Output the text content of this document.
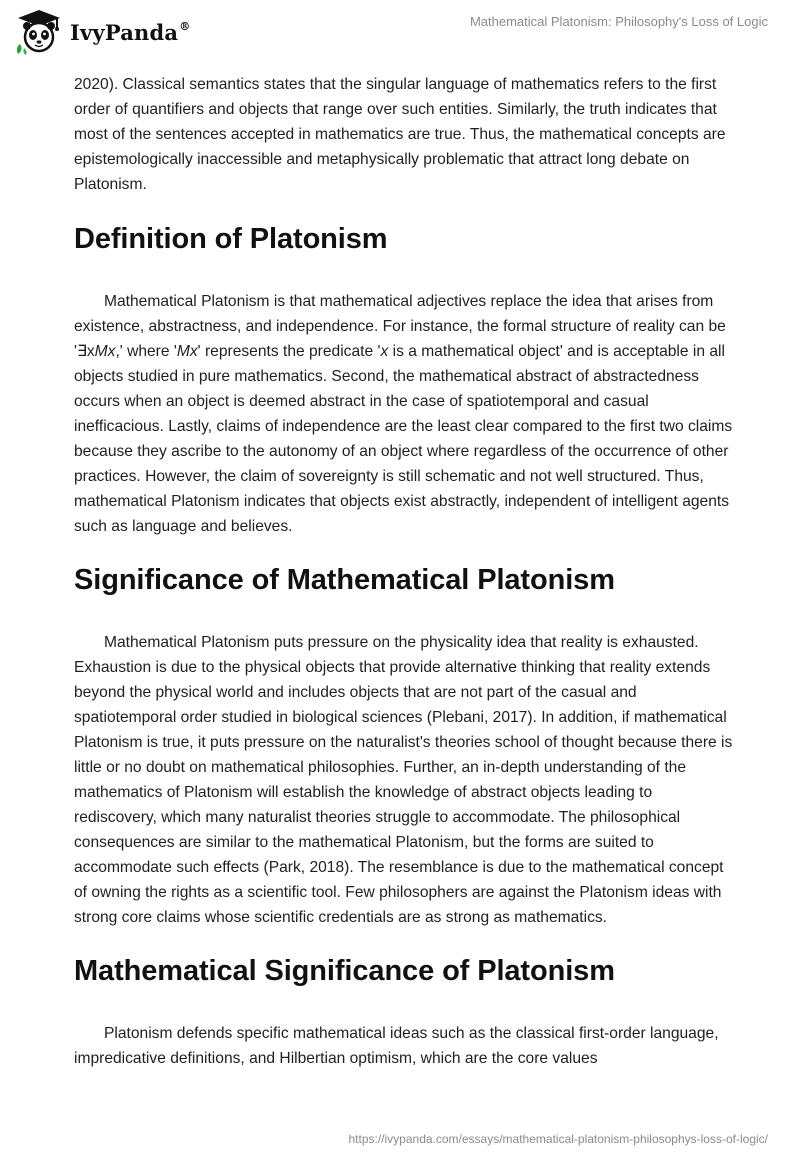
IvyPanda®	Mathematical Platonism: Philosophy's Loss of Logic

2020). Classical semantics states that the singular language of mathematics refers to the first order of quantifiers and objects that range over such entities. Similarly, the truth indicates that most of the sentences accepted in mathematics are true. Thus, the mathematical concepts are epistemologically inaccessible and metaphysically problematic that attract long debate on Platonism.

Definition of Platonism

Mathematical Platonism is that mathematical adjectives replace the idea that arises from existence, abstractness, and independence. For instance, the formal structure of reality can be '∃xMx,' where 'Mx' represents the predicate 'x is a mathematical object' and is acceptable in all objects studied in pure mathematics. Second, the mathematical abstract of abstractedness occurs when an object is deemed abstract in the case of spatiotemporal and casual inefficacious. Lastly, claims of independence are the least clear compared to the first two claims because they ascribe to the autonomy of an object where regardless of the occurrence of other practices. However, the claim of sovereignty is still schematic and not well structured. Thus, mathematical Platonism indicates that objects exist abstractly, independent of intelligent agents such as language and believes.

Significance of Mathematical Platonism

Mathematical Platonism puts pressure on the physicality idea that reality is exhausted. Exhaustion is due to the physical objects that provide alternative thinking that reality extends beyond the physical world and includes objects that are not part of the casual and spatiotemporal order studied in biological sciences (Plebani, 2017). In addition, if mathematical Platonism is true, it puts pressure on the naturalist's theories school of thought because there is little or no doubt on mathematical philosophies. Further, an in-depth understanding of the mathematics of Platonism will establish the knowledge of abstract objects leading to rediscovery, which many naturalist theories struggle to accommodate. The philosophical consequences are similar to the mathematical Platonism, but the forms are suited to accommodate such effects (Park, 2018). The resemblance is due to the mathematical concept of owning the rights as a scientific tool. Few philosophers are against the Platonism ideas with strong core claims whose scientific credentials are as strong as mathematics.

Mathematical Significance of Platonism

Platonism defends specific mathematical ideas such as the classical first-order language, impredicative definitions, and Hilbertian optimism, which are the core values

https://ivypanda.com/essays/mathematical-platonism-philosophys-loss-of-logic/
